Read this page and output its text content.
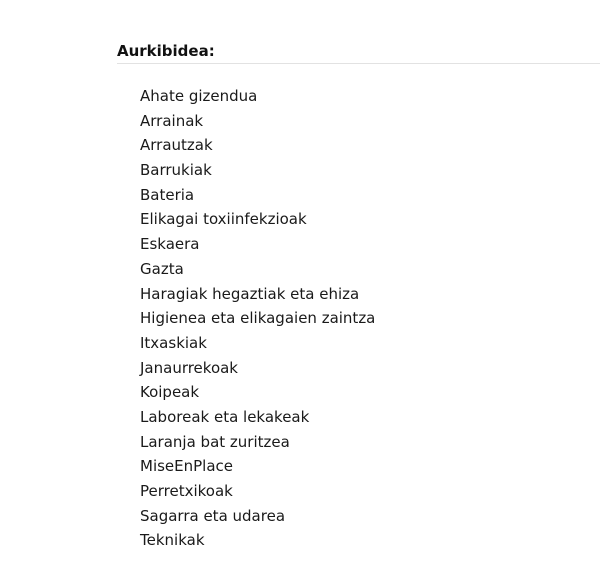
Aurkibidea:
Ahate gizendua
Arrainak
Arrautzak
Barrukiak
Bateria
Elikagai toxiinfekzioak
Eskaera
Gazta
Haragiak hegaztiak eta ehiza
Higienea eta elikagaien zaintza
Itxaskiak
Janaurrekoak
Koipeak
Laboreak eta lekakeak
Laranja bat zuritzea
MiseEnPlace
Perretxikoak
Sagarra eta udarea
Teknikak
